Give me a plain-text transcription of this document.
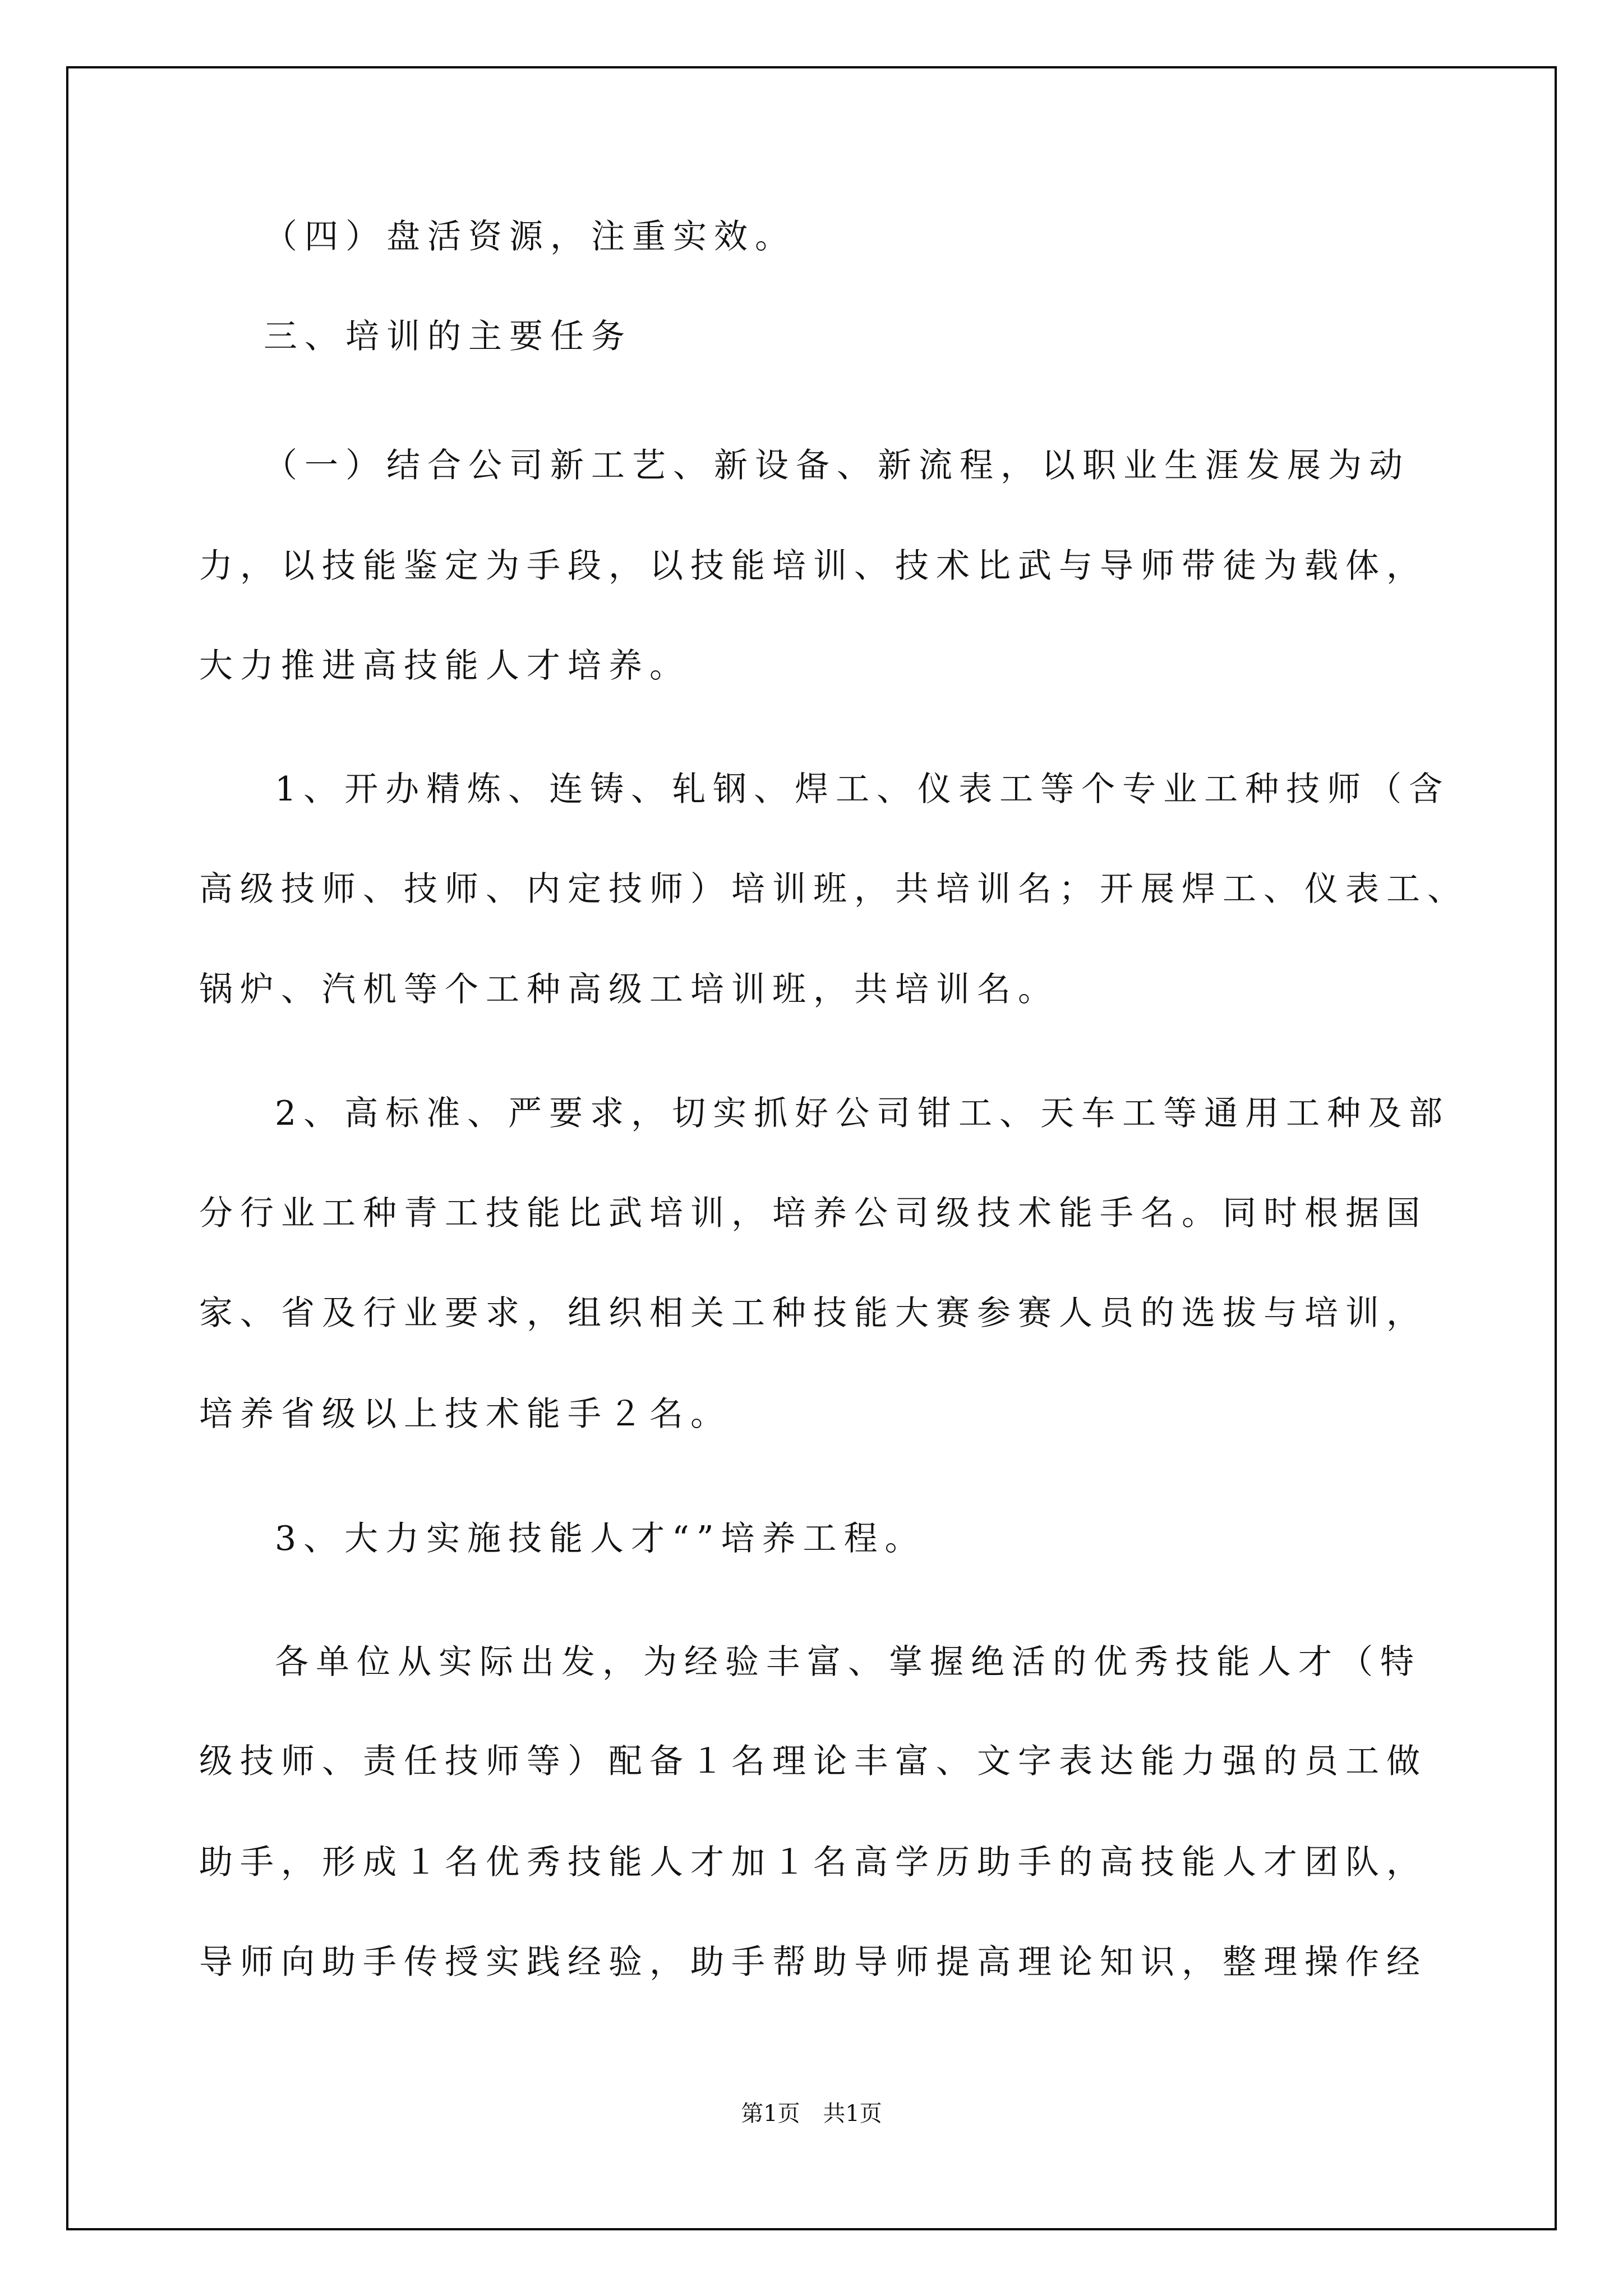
（四）盘活资源，注重实效。
三、培训的主要任务
（一）结合公司新工艺、新设备、新流程，以职业生涯发展为动
力，以技能鉴定为手段，以技能培训、技术比武与导师带徒为载体，
大力推进高技能人才培养。
1、开办精炼、连铸、轧钢、焊工、仪表工等个专业工种技师（含
高级技师、技师、内定技师）培训班，共培训名；开展焊工、仪表工、
锅炉、汽机等个工种高级工培训班，共培训名。
2、高标准、严要求，切实抓好公司钳工、天车工等通用工种及部
分行业工种青工技能比武培训，培养公司级技术能手名。同时根据国
家、省及行业要求，组织相关工种技能大赛参赛人员的选拔与培训，
培养省级以上技术能手２名。
3、大力实施技能人才“”培养工程。
各单位从实际出发，为经验丰富、掌握绝活的优秀技能人才（特
级技师、责任技师等）配备１名理论丰富、文字表达能力强的员工做
助手，形成１名优秀技能人才加１名高学历助手的高技能人才团队，
导师向助手传授实践经验，助手帮助导师提高理论知识，整理操作经
第1页 共1页
